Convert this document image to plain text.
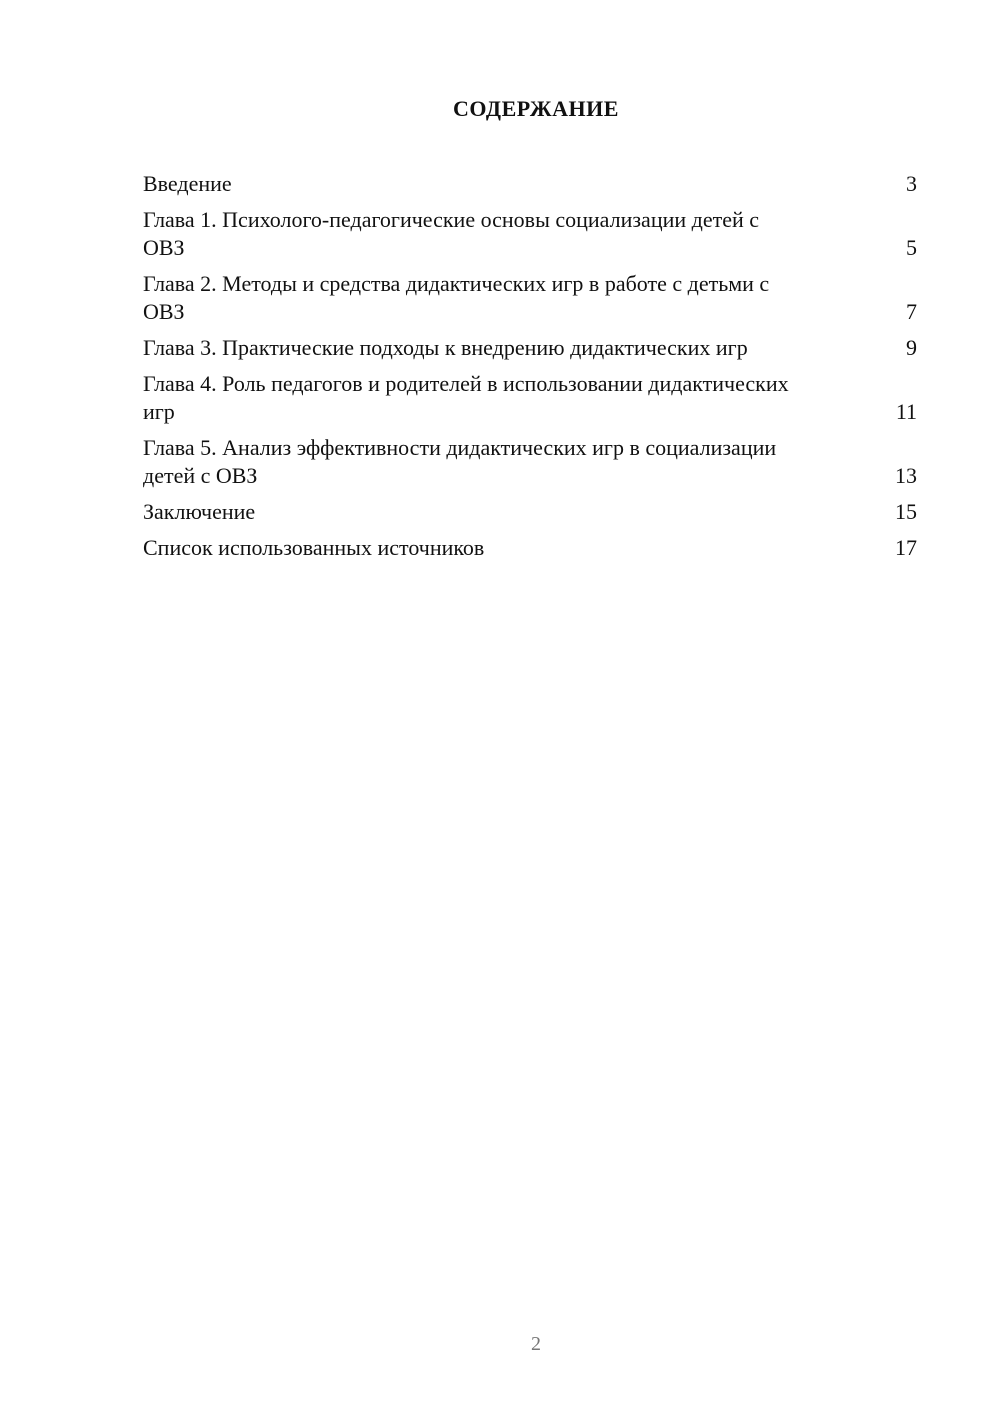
СОДЕРЖАНИЕ
Введение	3
Глава 1. Психолого-педагогические основы социализации детей с ОВЗ	5
Глава 2. Методы и средства дидактических игр в работе с детьми с ОВЗ	7
Глава 3. Практические подходы к внедрению дидактических игр	9
Глава 4. Роль педагогов и родителей в использовании дидактических игр	11
Глава 5. Анализ эффективности дидактических игр в социализации детей с ОВЗ	13
Заключение	15
Список использованных источников	17
2
